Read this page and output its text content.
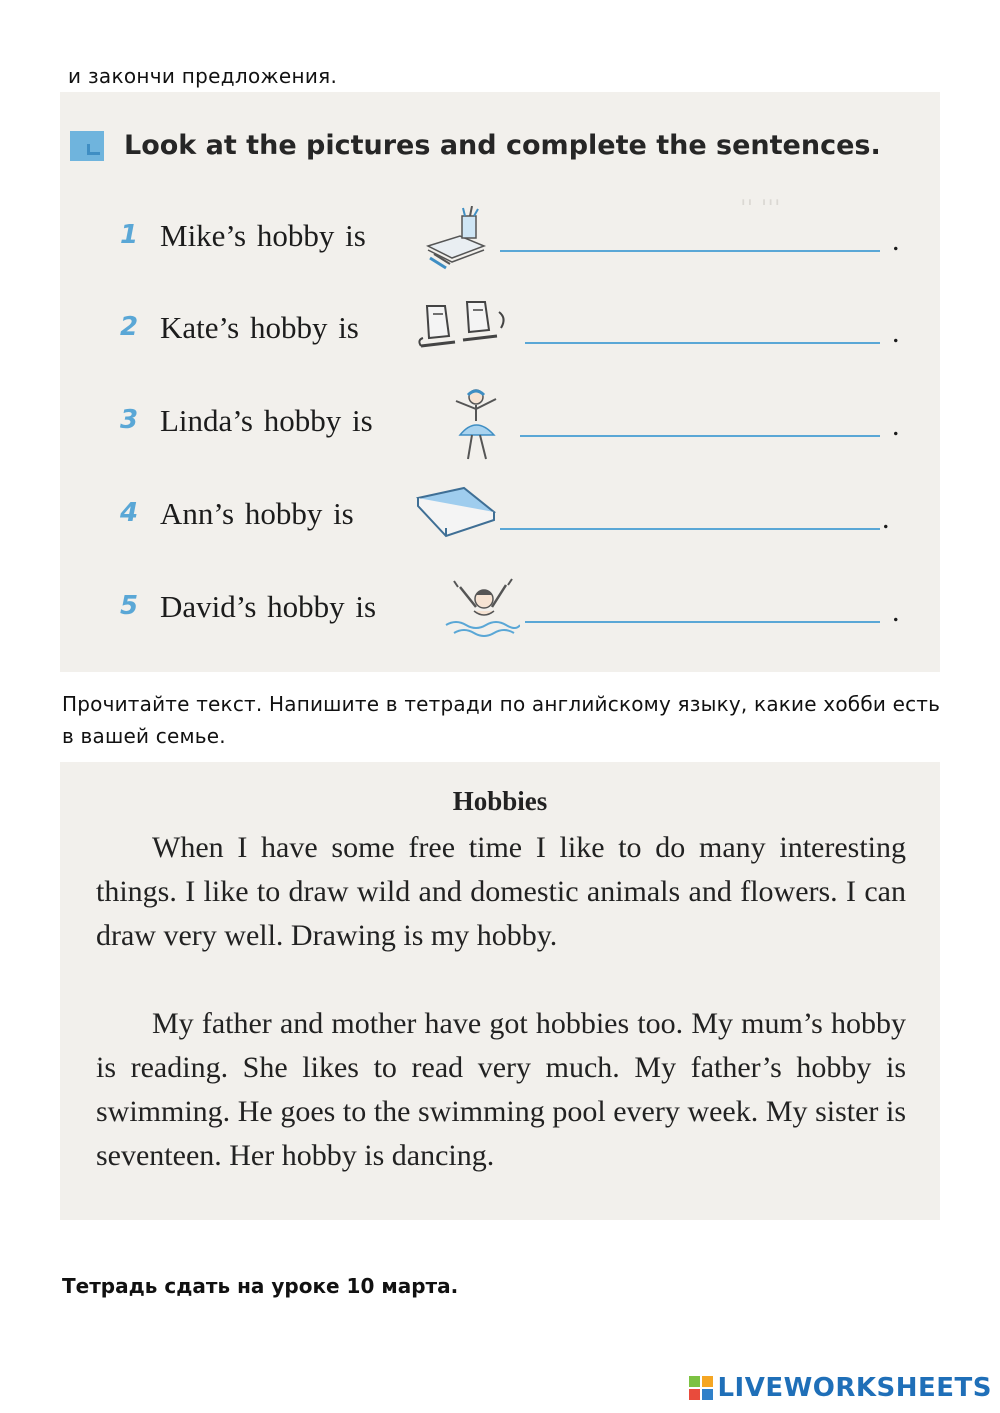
и закончи предложения.
ˌˌˌ ˌˌ
Look at the pictures and complete the sentences.
1 Mike’s hobby is	.
2 Kate’s hobby is	.
3 Linda’s hobby is	.
4 Ann’s hobby is	.
5 David’s hobby is	.
Прочитайте текст. Напишите в тетради по английскому языку, какие хобби есть в вашей семье.
Hobbies
When I have some free time I like to do many interesting things. I like to draw wild and domestic animals and flowers. I can draw very well. Drawing is my hobby.
My father and mother have got hobbies too. My mum’s hobby is reading. She likes to read very much. My father’s hobby is swimming. He goes to the swimming pool every week. My sister is seventeen. Her hobby is dancing.
Тетрадь сдать на уроке 10 марта.
LIVEWORKSHEETS
